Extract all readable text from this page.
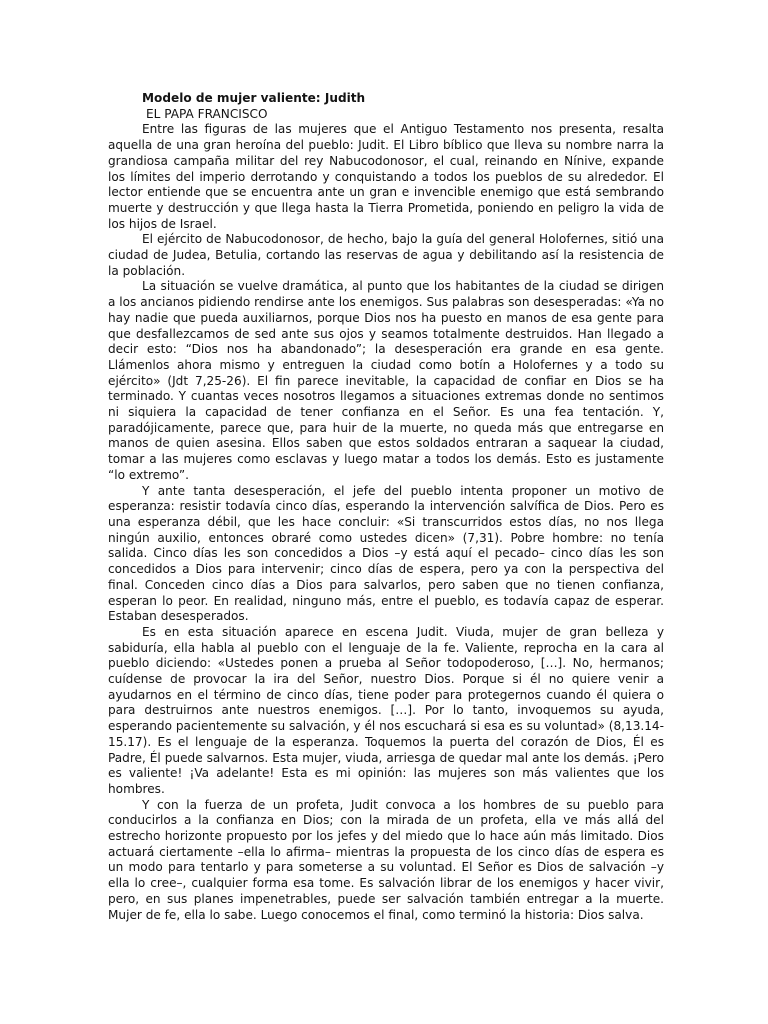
Modelo de mujer valiente: Judith

EL PAPA FRANCISCO

Entre las figuras de las mujeres que el Antiguo Testamento nos presenta, resalta aquella de una gran heroína del pueblo: Judit. El Libro bíblico que lleva su nombre narra la grandiosa campaña militar del rey Nabucodonosor, el cual, reinando en Nínive, expande los límites del imperio derrotando y conquistando a todos los pueblos de su alrededor. El lector entiende que se encuentra ante un gran e invencible enemigo que está sembrando muerte y destrucción y que llega hasta la Tierra Prometida, poniendo en peligro la vida de los hijos de Israel.

El ejército de Nabucodonosor, de hecho, bajo la guía del general Holofernes, sitió una ciudad de Judea, Betulia, cortando las reservas de agua y debilitando así la resistencia de la población.

La situación se vuelve dramática, al punto que los habitantes de la ciudad se dirigen a los ancianos pidiendo rendirse ante los enemigos. Sus palabras son desesperadas: «Ya no hay nadie que pueda auxiliarnos, porque Dios nos ha puesto en manos de esa gente para que desfallezcamos de sed ante sus ojos y seamos totalmente destruidos. Han llegado a decir esto: “Dios nos ha abandonado”; la desesperación era grande en esa gente. Llámenlos ahora mismo y entreguen la ciudad como botín a Holofernes y a todo su ejército» (Jdt 7,25-26). El fin parece inevitable, la capacidad de confiar en Dios se ha terminado. Y cuantas veces nosotros llegamos a situaciones extremas donde no sentimos ni siquiera la capacidad de tener confianza en el Señor. Es una fea tentación. Y, paradójicamente, parece que, para huir de la muerte, no queda más que entregarse en manos de quien asesina. Ellos saben que estos soldados entraran a saquear la ciudad, tomar a las mujeres como esclavas y luego matar a todos los demás. Esto es justamente “lo extremo”.

Y ante tanta desesperación, el jefe del pueblo intenta proponer un motivo de esperanza: resistir todavía cinco días, esperando la intervención salvífica de Dios. Pero es una esperanza débil, que les hace concluir: «Si transcurridos estos días, no nos llega ningún auxilio, entonces obraré como ustedes dicen» (7,31). Pobre hombre: no tenía salida. Cinco días les son concedidos a Dios –y está aquí el pecado– cinco días les son concedidos a Dios para intervenir; cinco días de espera, pero ya con la perspectiva del final. Conceden cinco días a Dios para salvarlos, pero saben que no tienen confianza, esperan lo peor. En realidad, ninguno más, entre el pueblo, es todavía capaz de esperar. Estaban desesperados.

Es en esta situación aparece en escena Judit. Viuda, mujer de gran belleza y sabiduría, ella habla al pueblo con el lenguaje de la fe. Valiente, reprocha en la cara al pueblo diciendo: «Ustedes ponen a prueba al Señor todopoderoso, […]. No, hermanos; cuídense de provocar la ira del Señor, nuestro Dios. Porque si él no quiere venir a ayudarnos en el término de cinco días, tiene poder para protegernos cuando él quiera o para destruirnos ante nuestros enemigos. […]. Por lo tanto, invoquemos su ayuda, esperando pacientemente su salvación, y él nos escuchará si esa es su voluntad» (8,13.14-15.17). Es el lenguaje de la esperanza. Toquemos la puerta del corazón de Dios, Él es Padre, Él puede salvarnos. Esta mujer, viuda, arriesga de quedar mal ante los demás. ¡Pero es valiente! ¡Va adelante! Esta es mi opinión: las mujeres son más valientes que los hombres.

Y con la fuerza de un profeta, Judit convoca a los hombres de su pueblo para conducirlos a la confianza en Dios; con la mirada de un profeta, ella ve más allá del estrecho horizonte propuesto por los jefes y del miedo que lo hace aún más limitado. Dios actuará ciertamente –ella lo afirma– mientras la propuesta de los cinco días de espera es un modo para tentarlo y para someterse a su voluntad. El Señor es Dios de salvación –y ella lo cree–, cualquier forma esa tome. Es salvación librar de los enemigos y hacer vivir, pero, en sus planes impenetrables, puede ser salvación también entregar a la muerte. Mujer de fe, ella lo sabe. Luego conocemos el final, como terminó la historia: Dios salva.
